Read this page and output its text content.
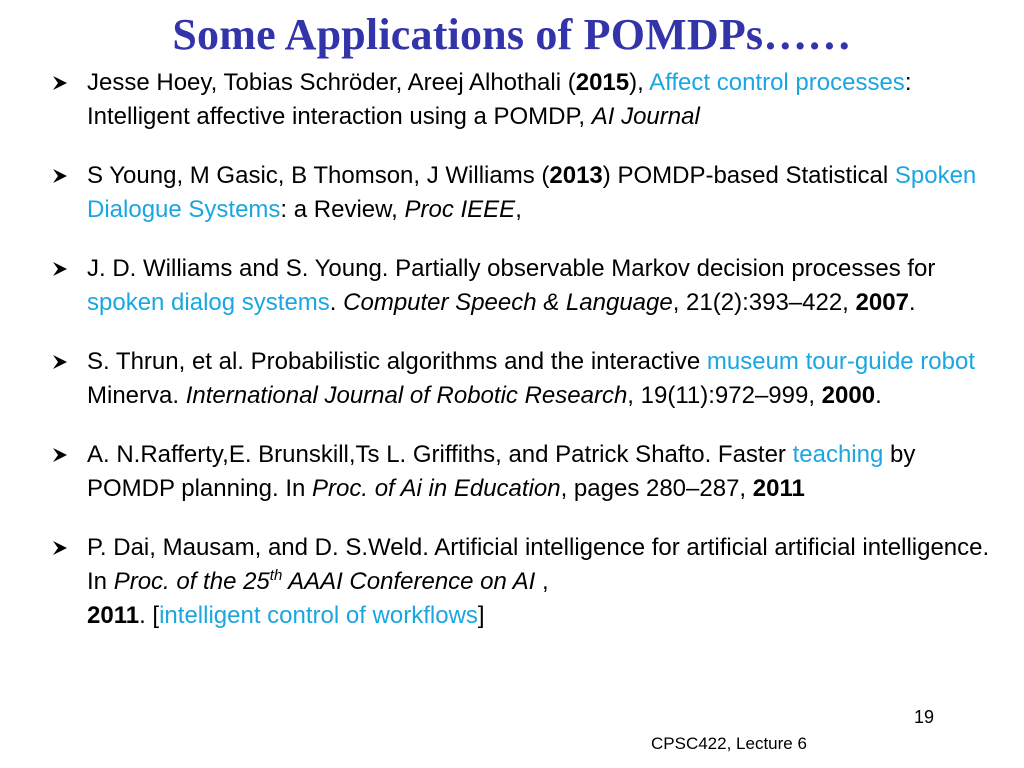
Some Applications of POMDPs……
Jesse Hoey, Tobias Schröder, Areej Alhothali (2015), Affect control processes: Intelligent affective interaction using a POMDP, AI Journal
S Young, M Gasic, B Thomson, J Williams (2013) POMDP-based Statistical Spoken Dialogue Systems: a Review, Proc IEEE,
J. D. Williams and S. Young. Partially observable Markov decision processes for spoken dialog systems. Computer Speech & Language, 21(2):393–422, 2007.
S. Thrun, et al. Probabilistic algorithms and the interactive museum tour-guide robot Minerva. International Journal of Robotic Research, 19(11):972–999, 2000.
A. N.Rafferty,E. Brunskill,Ts L. Griffiths, and Patrick Shafto. Faster teaching by POMDP planning. In Proc. of Ai in Education, pages 280–287, 2011
P. Dai, Mausam, and D. S.Weld. Artificial intelligence for artificial artificial intelligence. In Proc. of the 25th AAAI Conference on AI ,
2011. [intelligent control of workflows]
19
CPSC422, Lecture 6
